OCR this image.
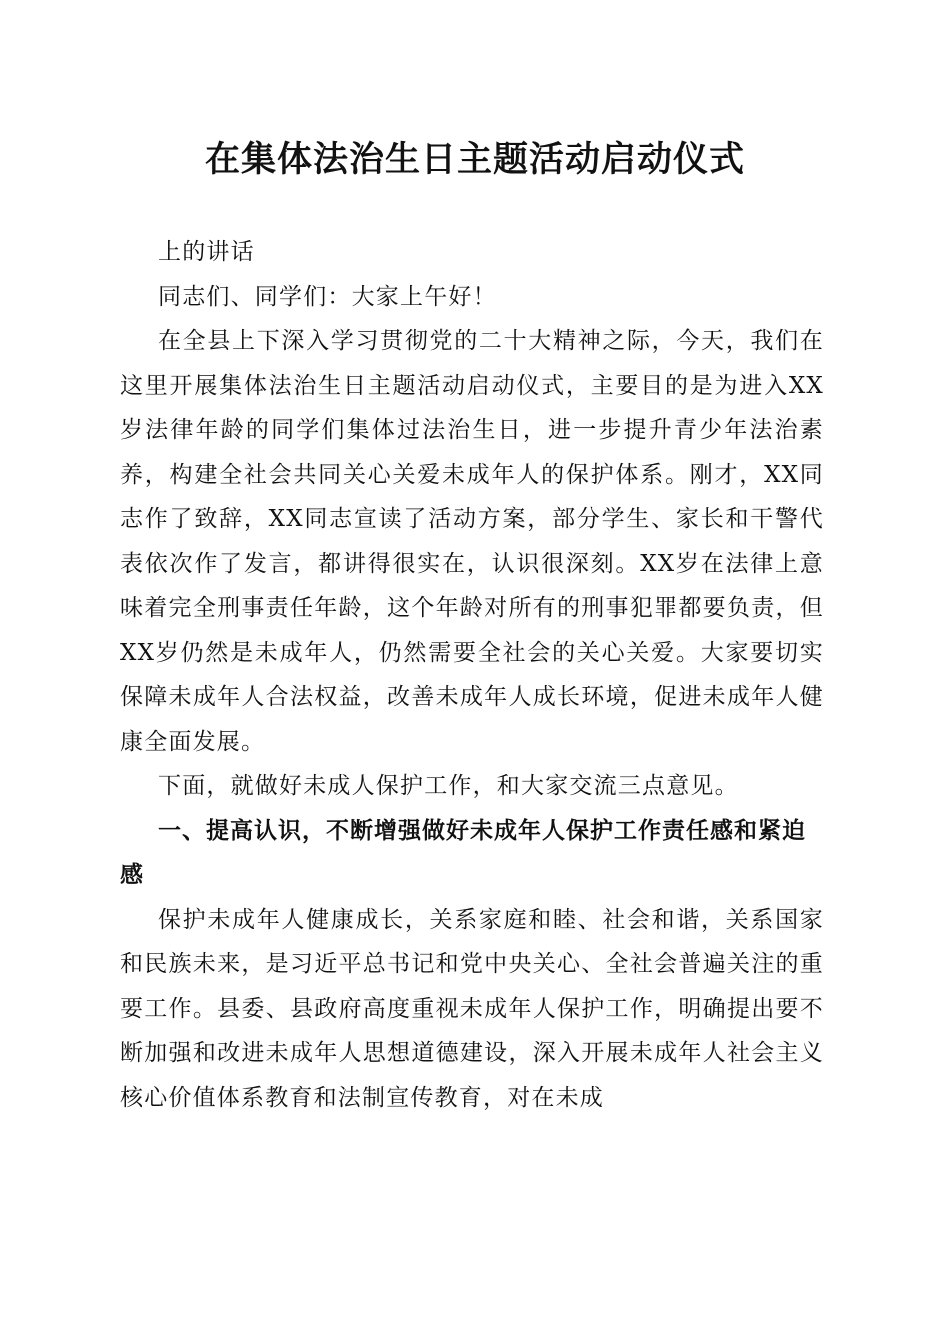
在集体法治生日主题活动启动仪式

上的讲话

同志们、同学们：大家上午好！

在全县上下深入学习贯彻党的二十大精神之际，今天，我们在这里开展集体法治生日主题活动启动仪式，主要目的是为进入XX岁法律年龄的同学们集体过法治生日，进一步提升青少年法治素养，构建全社会共同关心关爱未成年人的保护体系。刚才，XX同志作了致辞，XX同志宣读了活动方案，部分学生、家长和干警代表依次作了发言，都讲得很实在，认识很深刻。XX岁在法律上意味着完全刑事责任年龄，这个年龄对所有的刑事犯罪都要负责，但XX岁仍然是未成年人，仍然需要全社会的关心关爱。大家要切实保障未成年人合法权益，改善未成年人成长环境，促进未成年人健康全面发展。

下面，就做好未成人保护工作，和大家交流三点意见。

一、提高认识，不断增强做好未成年人保护工作责任感和紧迫感

保护未成年人健康成长，关系家庭和睦、社会和谐，关系国家和民族未来，是习近平总书记和党中央关心、全社会普遍关注的重要工作。县委、县政府高度重视未成年人保护工作，明确提出要不断加强和改进未成年人思想道德建设，深入开展未成年人社会主义核心价值体系教育和法制宣传教育，对在未成
